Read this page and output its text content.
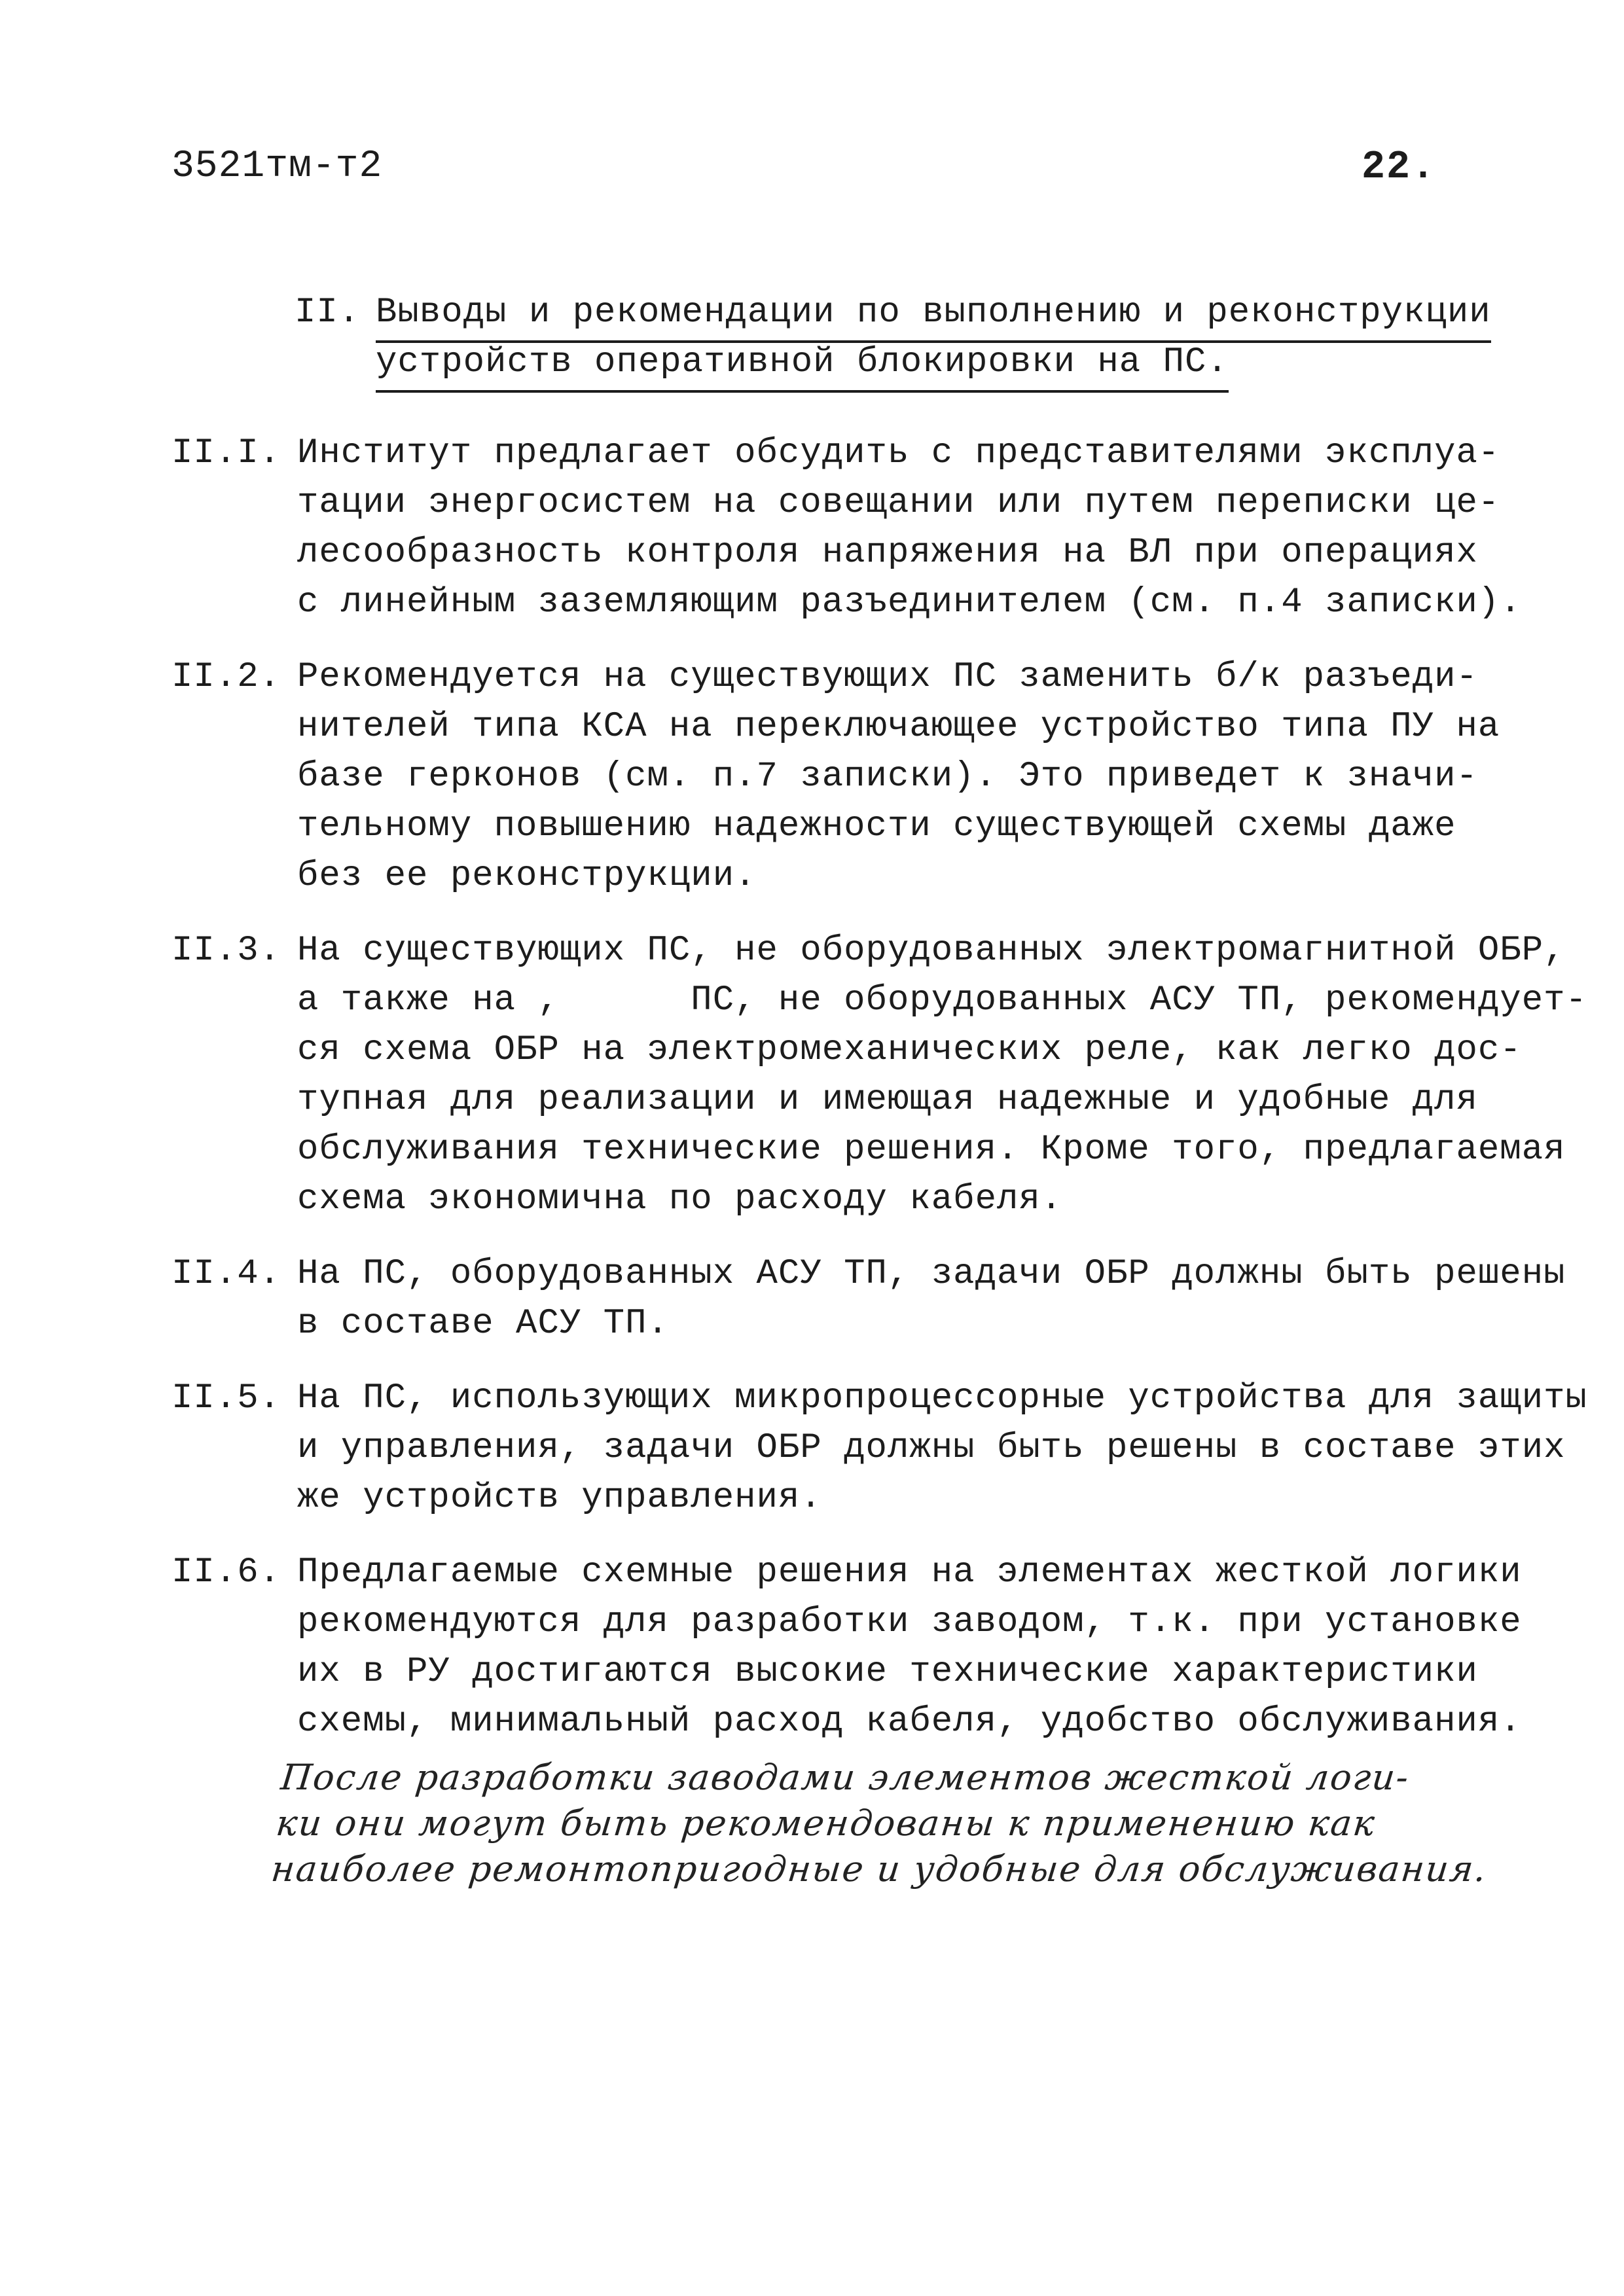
3521тм-т2	22.
II. Выводы и рекомендации по выполнению и реконструкции
устройств оперативной блокировки на ПС.
II.I. Институт предлагает обсудить с представителями эксплуа-
тации энергосистем на совещании или путем переписки це-
лесообразность контроля напряжения на ВЛ при операциях
с линейным заземляющим разъединителем (см. п.4 записки).
II.2. Рекомендуется на существующих ПС заменить б/к разъеди-
нителей типа КСА на переключающее устройство типа ПУ на
базе герконов (см. п.7 записки). Это приведет к значи-
тельному повышению надежности существующей схемы даже
без ее реконструкции.
II.3. На существующих ПС, не оборудованных электромагнитной ОБР,
а также на ,      ПС, не оборудованных АСУ ТП, рекомендует-
ся схема ОБР на электромеханических реле, как легко дос-
тупная для реализации и имеющая надежные и удобные для
обслуживания технические решения. Кроме того, предлагаемая
схема экономична по расходу кабеля.
II.4. На ПС, оборудованных АСУ ТП, задачи ОБР должны быть решены
в составе АСУ ТП.
II.5. На ПС, использующих микропроцессорные устройства для защиты
и управления, задачи ОБР должны быть решены в составе этих
же устройств управления.
II.6. Предлагаемые схемные решения на элементах жесткой логики
рекомендуются для разработки заводом, т.к. при установке
их в РУ достигаются высокие технические характеристики
схемы, минимальный расход кабеля, удобство обслуживания.
После разработки заводами элементов жесткой логи-
ки они могут быть рекомендованы к применению как
наиболее ремонтопригодные и удобные для обслуживания.
